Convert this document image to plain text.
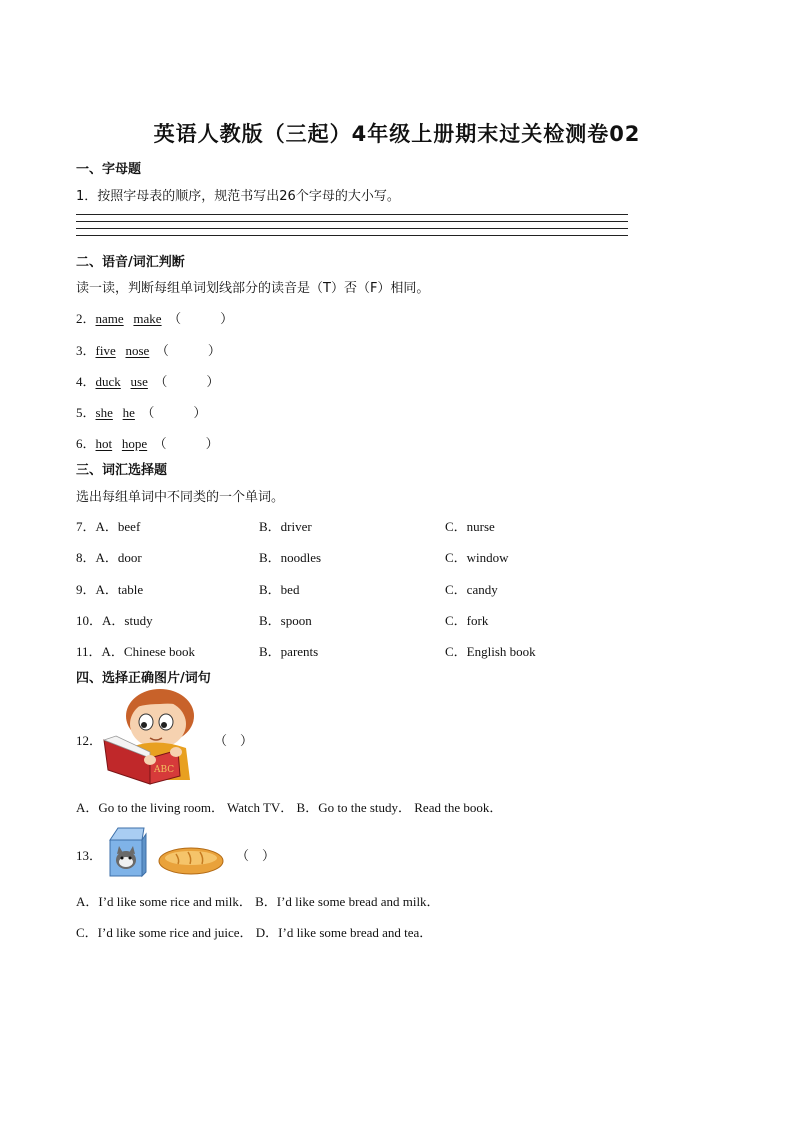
英语人教版（三起）4年级上册期末过关检测卷02
一、字母题
1．按照字母表的顺序，规范书写出26个字母的大小写。
二、语音/词汇判断
读一读，判断每组单词划线部分的读音是（T）否（F）相同。
2．name make （　　　）
3．five nose （　　　）
4．duck use （　　　）
5．she he （　　　）
6．hot hope （　　　）
三、词汇选择题
选出每组单词中不同类的一个单词。
7．A．beef	B．driver	C．nurse
8．A．door	B．noodles	C．window
9．A．table	B．bed	C．candy
10．A．study	B．spoon	C．fork
11．A．Chinese book	B．parents	C．English book
四、选择正确图片/词句
12．
ABC
（　）
A．Go to the living room． Watch TV． B．Go to the study． Read the book．
13．	（　）
A．I’d like some rice and milk． B．I’d like some bread and milk．
C．I’d like some rice and juice． D．I’d like some bread and tea．
